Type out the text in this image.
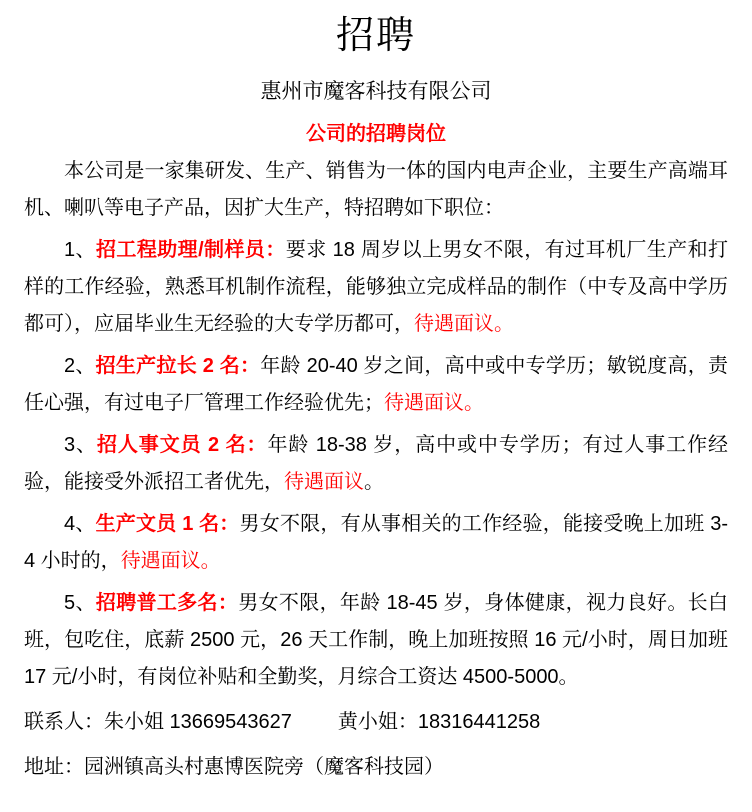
招聘

惠州市魔客科技有限公司

公司的招聘岗位

本公司是一家集研发、生产、销售为一体的国内电声企业，主要生产高端耳机、喇叭等电子产品，因扩大生产，特招聘如下职位：

1、招工程助理/制样员：要求 18 周岁以上男女不限，有过耳机厂生产和打样的工作经验，熟悉耳机制作流程，能够独立完成样品的制作（中专及高中学历都可），应届毕业生无经验的大专学历都可，待遇面议。

2、招生产拉长 2 名：年龄 20-40 岁之间，高中或中专学历；敏锐度高，责任心强，有过电子厂管理工作经验优先；待遇面议。

3、招人事文员 2 名：年龄 18-38 岁，高中或中专学历；有过人事工作经验，能接受外派招工者优先，待遇面议。

4、生产文员 1 名：男女不限，有从事相关的工作经验，能接受晚上加班 3-4 小时的，待遇面议。

5、招聘普工多名：男女不限，年龄 18-45 岁，身体健康，视力良好。长白班，包吃住，底薪 2500 元，26 天工作制，晚上加班按照 16 元/小时，周日加班 17 元/小时，有岗位补贴和全勤奖，月综合工资达 4500-5000。

联系人：朱小姐 13669543627 黄小姐：18316441258

地址：园洲镇高头村惠博医院旁（魔客科技园）
